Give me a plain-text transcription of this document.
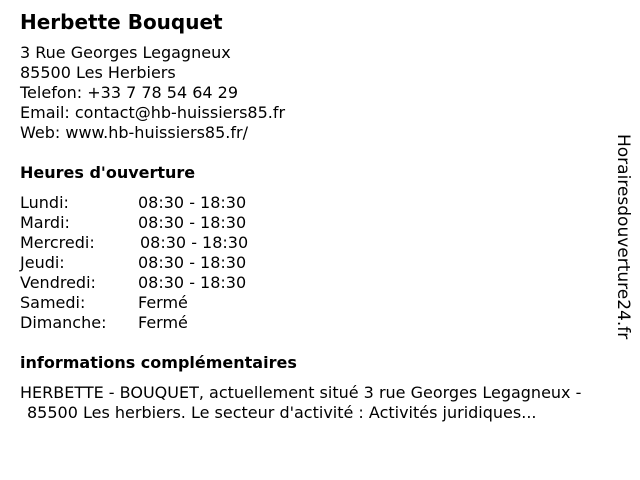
Herbette Bouquet
3 Rue Georges Legagneux
85500 Les Herbiers
Telefon: +33 7 78 54 64 29
Email: contact@hb-huissiers85.fr
Web: www.hb-huissiers85.fr/
Heures d'ouverture
Lundi:	08:30 - 18:30
Mardi:	08:30 - 18:30
Mercredi:	08:30 - 18:30
Jeudi:	08:30 - 18:30
Vendredi:	08:30 - 18:30
Samedi:	Fermé
Dimanche: Fermé
informations complémentaires
HERBETTE - BOUQUET, actuellement situé 3 rue Georges Legagneux -
85500 Les herbiers. Le secteur d'activité : Activités juridiques...
Horairesdouverture24.fr
